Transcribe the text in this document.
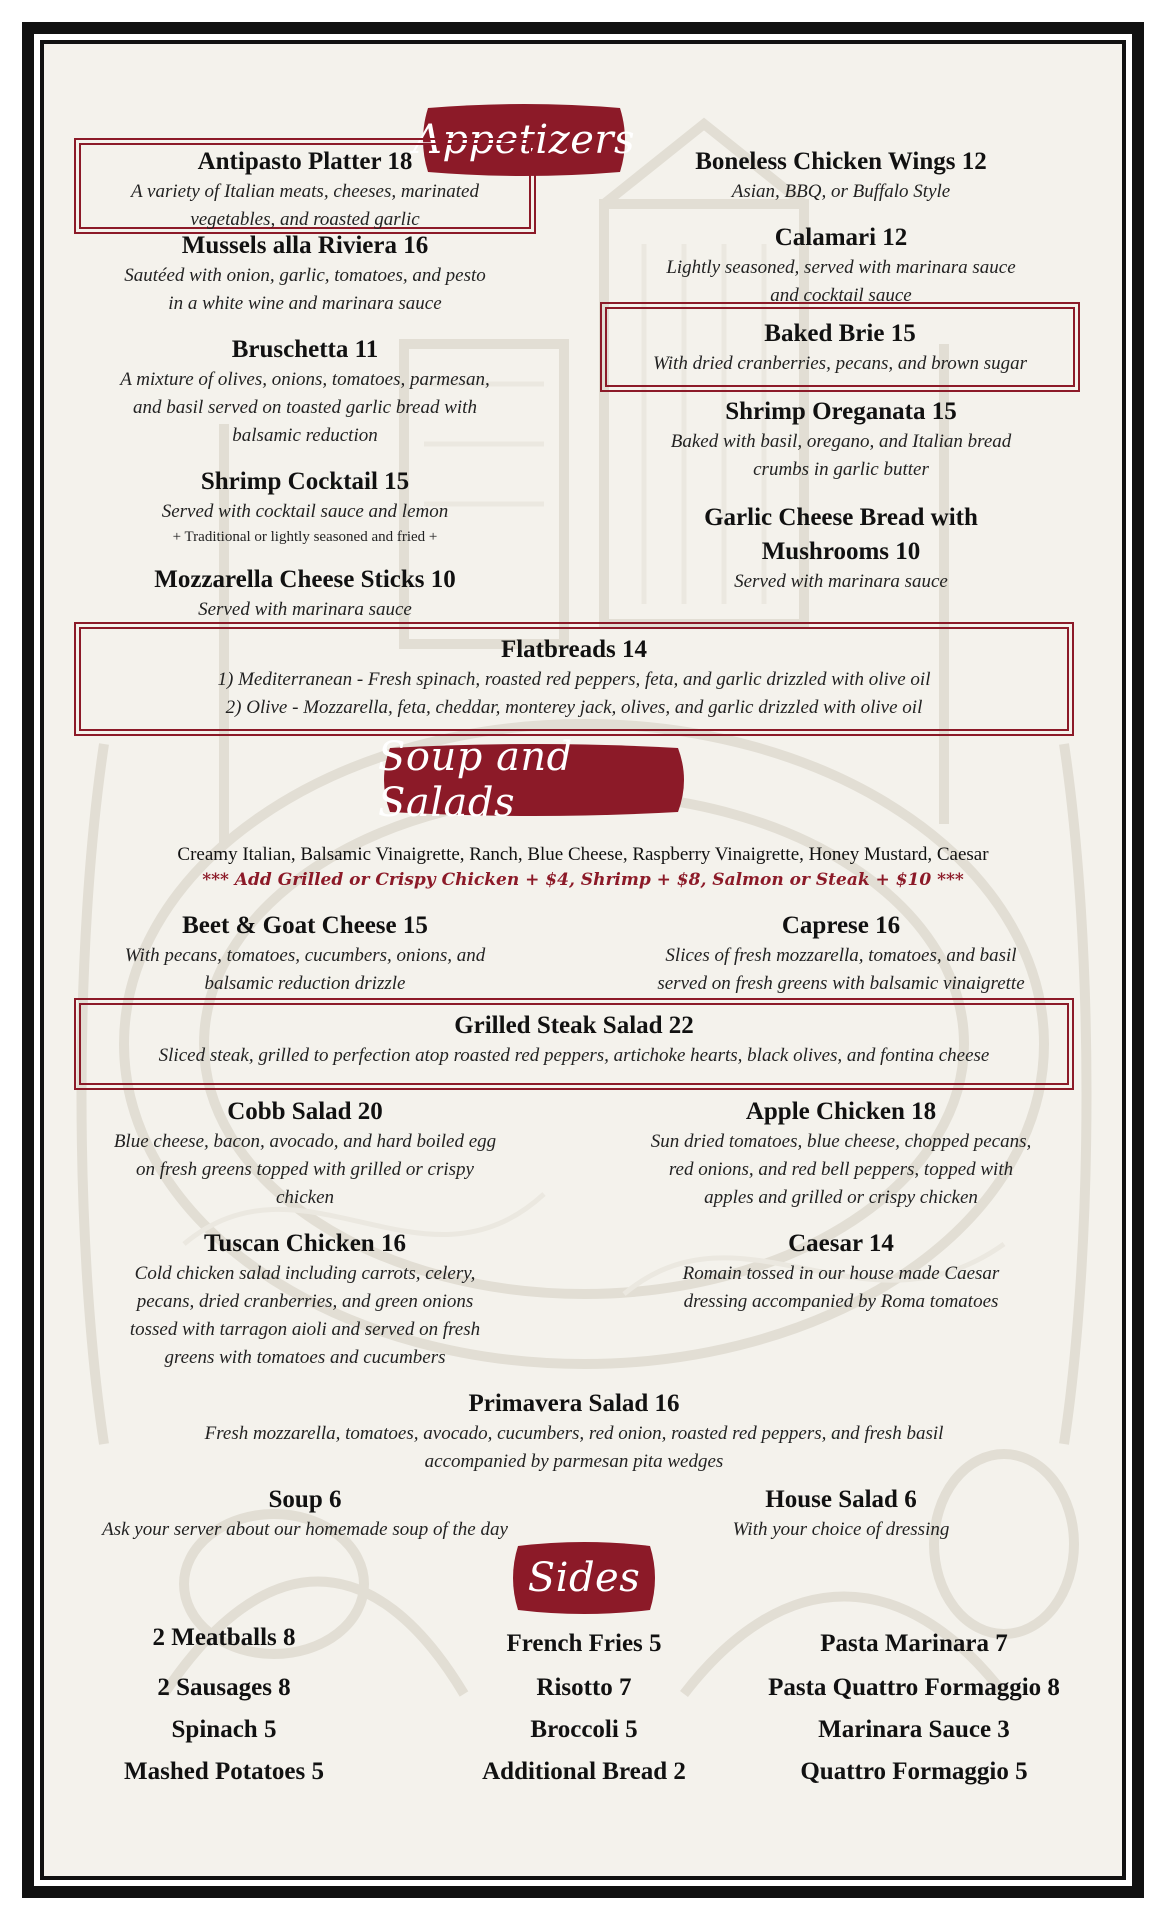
Appetizers
Antipasto Platter 18
A variety of Italian meats, cheeses, marinated
vegetables, and roasted garlic
Mussels alla Riviera 16
Sautéed with onion, garlic, tomatoes, and pesto
in a white wine and marinara sauce
Bruschetta 11
A mixture of olives, onions, tomatoes, parmesan,
and basil served on toasted garlic bread with
balsamic reduction
Shrimp Cocktail 15
Served with cocktail sauce and lemon
+ Traditional or lightly seasoned and fried +
Mozzarella Cheese Sticks 10
Served with marinara sauce
Boneless Chicken Wings 12
Asian, BBQ, or Buffalo Style
Calamari 12
Lightly seasoned, served with marinara sauce
and cocktail sauce
Baked Brie 15
With dried cranberries, pecans, and brown sugar
Shrimp Oreganata 15
Baked with basil, oregano, and Italian bread
crumbs in garlic butter
Garlic Cheese Bread with
Mushrooms 10
Served with marinara sauce
Flatbreads 14
1) Mediterranean - Fresh spinach, roasted red peppers, feta, and garlic drizzled with olive oil
2) Olive - Mozzarella, feta, cheddar, monterey jack, olives, and garlic drizzled with olive oil
Soup and Salads
Creamy Italian, Balsamic Vinaigrette, Ranch, Blue Cheese, Raspberry Vinaigrette, Honey Mustard, Caesar
*** Add Grilled or Crispy Chicken + $4, Shrimp + $8, Salmon or Steak + $10 ***
Beet & Goat Cheese 15
With pecans, tomatoes, cucumbers, onions, and
balsamic reduction drizzle
Caprese 16
Slices of fresh mozzarella, tomatoes, and basil
served on fresh greens with balsamic vinaigrette
Grilled Steak Salad 22
Sliced steak, grilled to perfection atop roasted red peppers, artichoke hearts, black olives, and fontina cheese
Cobb Salad 20
Blue cheese, bacon, avocado, and hard boiled egg
on fresh greens topped with grilled or crispy
chicken
Apple Chicken 18
Sun dried tomatoes, blue cheese, chopped pecans,
red onions, and red bell peppers, topped with
apples and grilled or crispy chicken
Tuscan Chicken 16
Cold chicken salad including carrots, celery,
pecans, dried cranberries, and green onions
tossed with tarragon aioli and served on fresh
greens with tomatoes and cucumbers
Caesar 14
Romain tossed in our house made Caesar
dressing accompanied by Roma tomatoes
Primavera Salad 16
Fresh mozzarella, tomatoes, avocado, cucumbers, red onion, roasted red peppers, and fresh basil
accompanied by parmesan pita wedges
Soup 6
Ask your server about our homemade soup of the day
House Salad 6
With your choice of dressing
Sides
2 Meatballs 8
2 Sausages 8
Spinach 5
Mashed Potatoes 5
French Fries 5
Risotto 7
Broccoli 5
Additional Bread 2
Pasta Marinara 7
Pasta Quattro Formaggio 8
Marinara Sauce 3
Quattro Formaggio 5
